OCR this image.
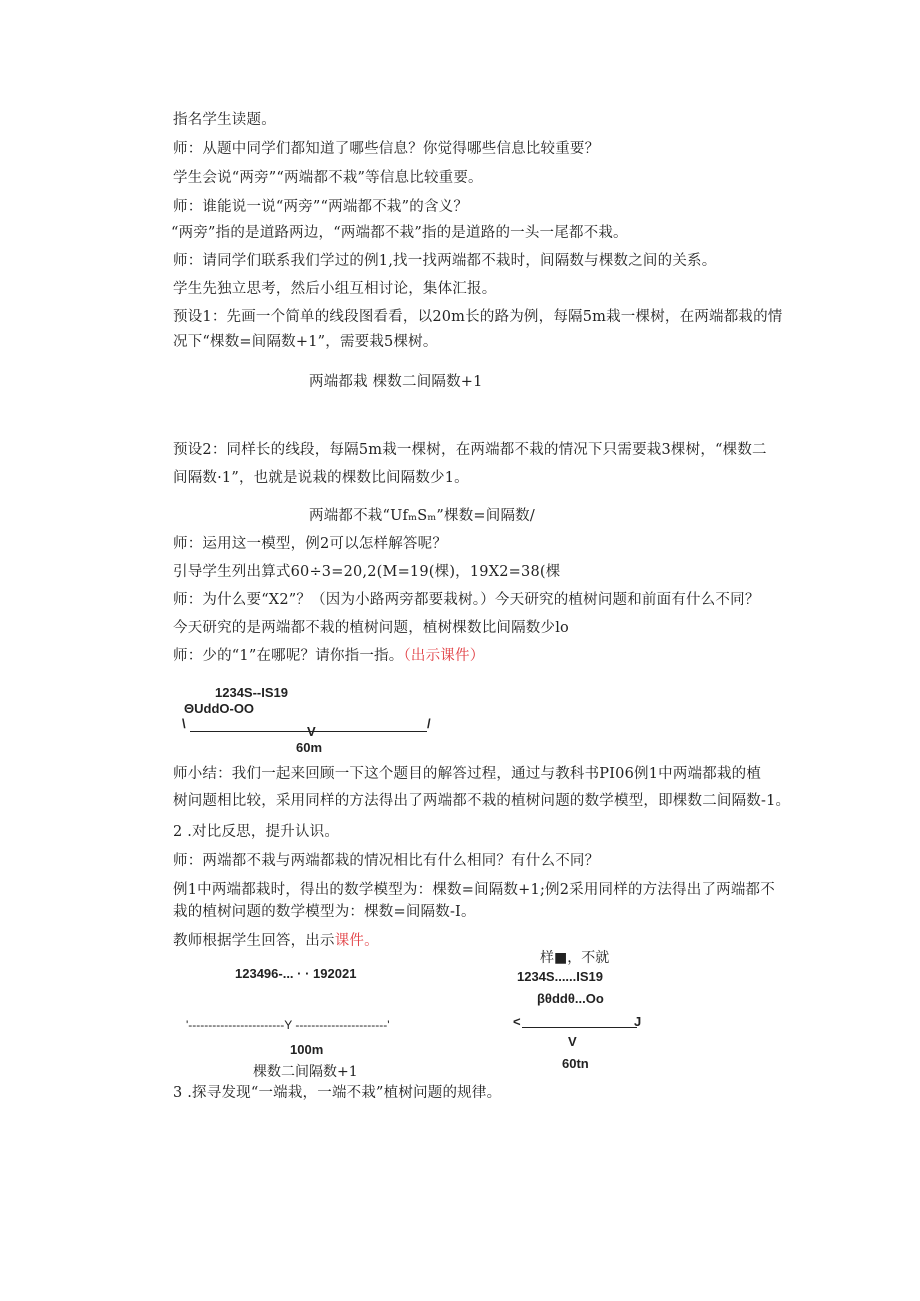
指名学生读题。
师：从题中同学们都知道了哪些信息？你觉得哪些信息比较重要？
学生会说“两旁”“两端都不栽”等信息比较重要。
师：谁能说一说“两旁”“两端都不栽”的含义？
“两旁”指的是道路两边，“两端都不栽”指的是道路的一头一尾都不栽。
师：请同学们联系我们学过的例1,找一找两端都不栽时，间隔数与棵数之间的关系。
学生先独立思考，然后小组互相讨论，集体汇报。
预设1：先画一个简单的线段图看看，以20m长的路为例，每隔5m栽一棵树，在两端都栽的情
况下“棵数=间隔数+1”，需要栽5棵树。
两端都栽 棵数二间隔数+1
预设2：同样长的线段，每隔5m栽一棵树，在两端都不栽的情况下只需要栽3棵树，“棵数二
间隔数·1”，也就是说栽的棵数比间隔数少1。
两端都不栽“UfₘSₘ”棵数=间隔数/
师：运用这一模型，例2可以怎样解答呢？
引导学生列出算式60÷3=20,2(M=19(棵)，19X2=38(棵
师：为什么要“X2”？（因为小路两旁都要栽树。）今天研究的植树问题和前面有什么不同？
今天研究的是两端都不栽的植树问题，植树棵数比间隔数少lo
师：少的“1”在哪呢？请你指一指。（出示课件）
1234S--IS19
ΘUddO-OO
\	/
V
60m
师小结：我们一起来回顾一下这个题目的解答过程，通过与教科书PI06例1中两端都栽的植
树问题相比较，采用同样的方法得出了两端都不栽的植树问题的数学模型，即棵数二间隔数-1。
2 .对比反思，提升认识。
师：两端都不栽与两端都栽的情况相比有什么相同？有什么不同？
例1中两端都栽时，得出的数学模型为：棵数=间隔数+1;例2采用同样的方法得出了两端都不
栽的植树问题的数学模型为：棵数=间隔数-I。
教师根据学生回答，出示课件。
123496-... · · 192021
'------------------------Y -----------------------'
100m
棵数二间隔数+1
样■，不就
1234S......IS19
βθddθ...Oo
<	J
V
60tn
3 .探寻发现“一端栽，一端不栽”植树问题的规律。
